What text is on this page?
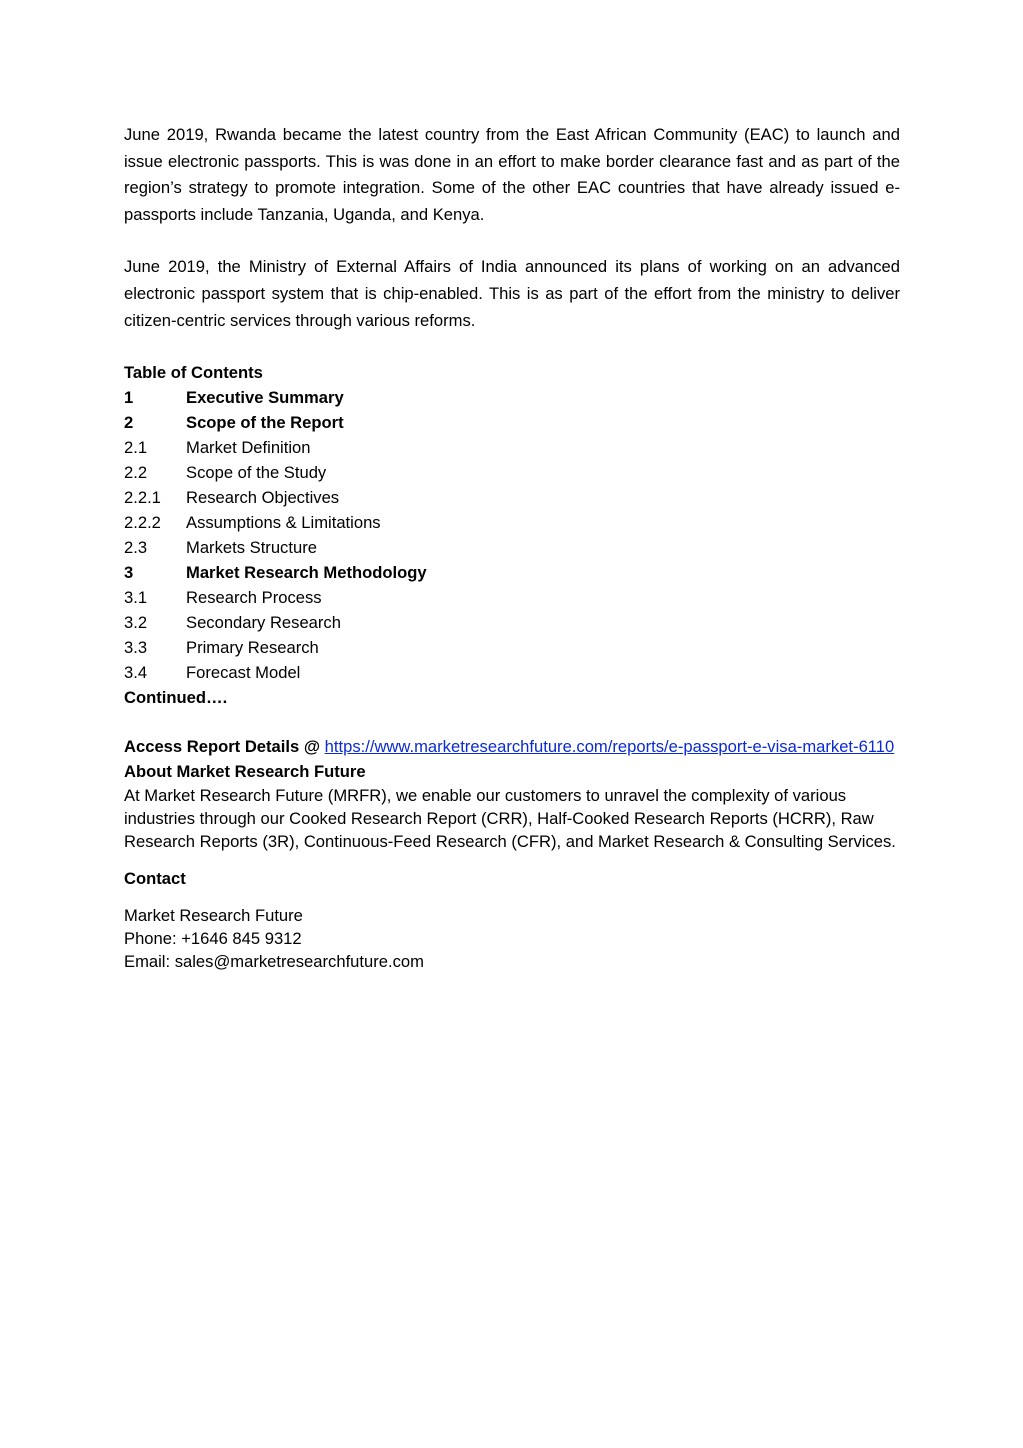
June 2019, Rwanda became the latest country from the East African Community (EAC) to launch and issue electronic passports. This is was done in an effort to make border clearance fast and as part of the region’s strategy to promote integration. Some of the other EAC countries that have already issued e-passports include Tanzania, Uganda, and Kenya.

June 2019, the Ministry of External Affairs of India announced its plans of working on an advanced electronic passport system that is chip-enabled. This is as part of the effort from the ministry to deliver citizen-centric services through various reforms.

Table of Contents
1	Executive Summary
2	Scope of the Report
2.1	Market Definition
2.2	Scope of the Study
2.2.1	Research Objectives
2.2.2	Assumptions & Limitations
2.3	Markets Structure
3	Market Research Methodology
3.1	Research Process
3.2	Secondary Research
3.3	Primary Research
3.4	Forecast Model
Continued….
Access Report Details @ https://www.marketresearchfuture.com/reports/e-passport-e-visa-market-6110
About Market Research Future

At Market Research Future (MRFR), we enable our customers to unravel the complexity of various industries through our Cooked Research Report (CRR), Half-Cooked Research Reports (HCRR), Raw Research Reports (3R), Continuous-Feed Research (CFR), and Market Research & Consulting Services.

Contact
Market Research Future
Phone: +1646 845 9312
Email: sales@marketresearchfuture.com
